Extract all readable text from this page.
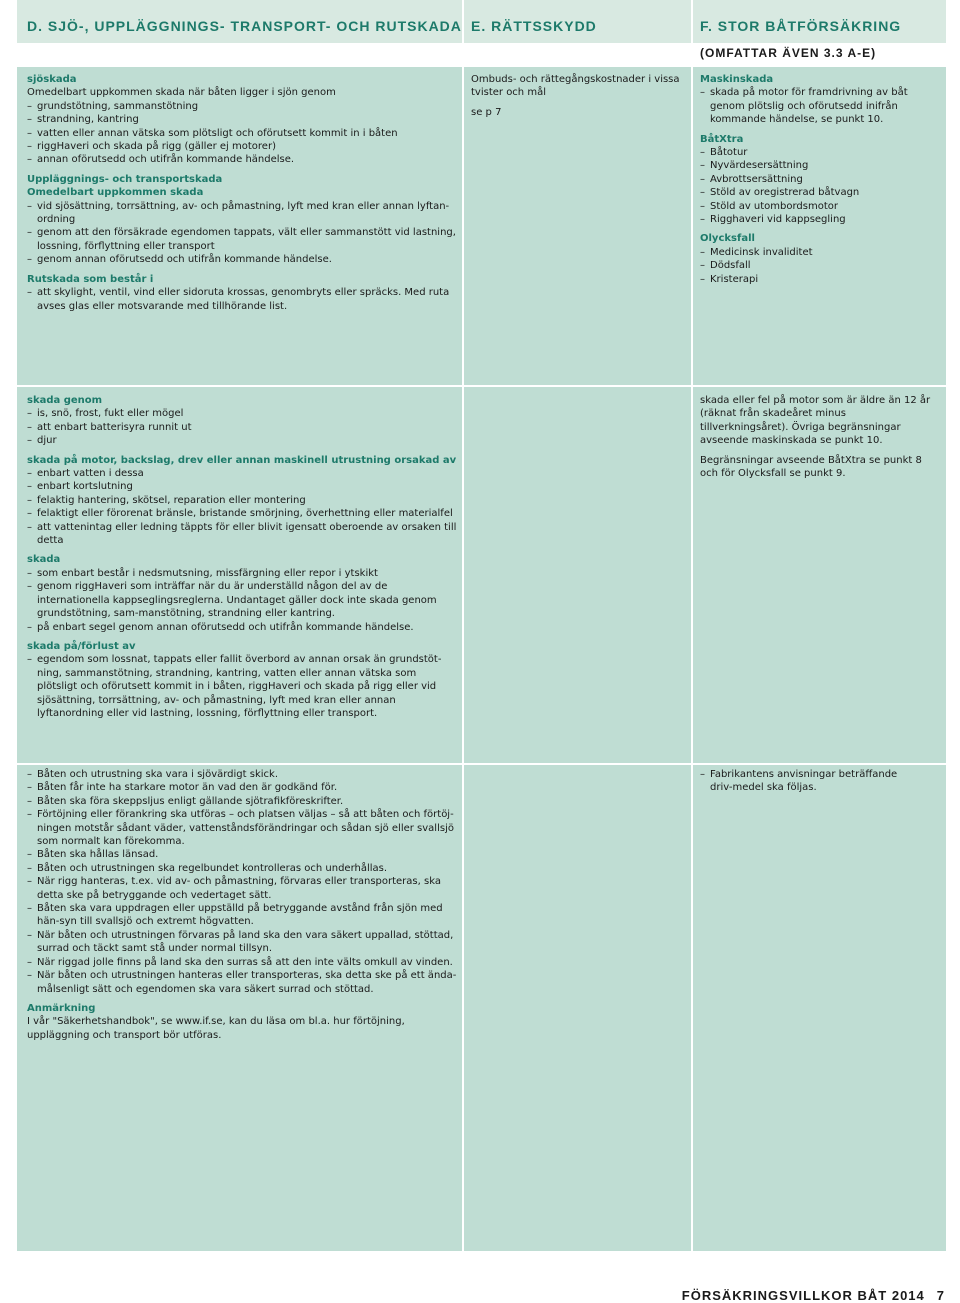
D. SJÖ-, UPPLÄGGNINGS- TRANSPORT- OCH RUTSKADA E. RÄTTSSKYDD	F. STOR BÅTFÖRSÄKRING
(OMFATTAR ÄVEN 3.3 A-E)

sjöskada

Omedelbart uppkommen skada när båten ligger i sjön genom

– grundstötning, sammanstötning
– strandning, kantring
– vatten eller annan vätska som plötsligt och oförutsett kommit in i båten
– riggHaveri och skada på rigg (gäller ej motorer)
– annan oförutsedd och utifrån kommande händelse.

Uppläggnings- och transportskada

Omedelbart uppkommen skada

– vid sjösättning, torrsättning, av- och påmastning, lyft med kran eller annan lyftan-ordning
– genom att den försäkrade egendomen tappats, vält eller sammanstött vid lastning, lossning, förflyttning eller transport
– genom annan oförutsedd och utifrån kommande händelse.

Rutskada som består i

– att skylight, ventil, vind eller sidoruta krossas, genombryts eller spräcks. Med ruta avses glas eller motsvarande med tillhörande list.

Ombuds- och rättegångskostnader i vissa tvister och mål

se p 7

Maskinskada

– skada på motor för framdrivning av båt genom plötslig och oförutsedd inifrån kommande händelse, se punkt 10.

BåtXtra

– Båtotur
– Nyvärdesersättning
– Avbrottsersättning
– Stöld av oregistrerad båtvagn
– Stöld av utombordsmotor
– Rigghaveri vid kappsegling

Olycksfall

– Medicinsk invaliditet
– Dödsfall
– Kristerapi

skada genom

– is, snö, frost, fukt eller mögel
– att enbart batterisyra runnit ut
– djur

skada på motor, backslag, drev eller annan maskinell utrustning orsakad av

– enbart vatten i dessa
– enbart kortslutning
– felaktig hantering, skötsel, reparation eller montering
– felaktigt eller förorenat bränsle, bristande smörjning, överhettning eller materialfel
– att vattenintag eller ledning täppts för eller blivit igensatt oberoende av orsaken till detta

skada

– som enbart består i nedsmutsning, missfärgning eller repor i ytskikt
– genom riggHaveri som inträffar när du är underställd någon del av de internationella kappseglingsreglerna. Undantaget gäller dock inte skada genom grundstötning, sam-manstötning, strandning eller kantring.
– på enbart segel genom annan oförutsedd och utifrån kommande händelse.

skada på/förlust av

– egendom som lossnat, tappats eller fallit överbord av annan orsak än grundstöt-ning, sammanstötning, strandning, kantring, vatten eller annan vätska som plötsligt och oförutsett kommit in i båten, riggHaveri och skada på rigg eller vid sjösättning, torrsättning, av- och påmastning, lyft med kran eller annan lyftanordning eller vid lastning, lossning, förflyttning eller transport.

skada eller fel på motor som är äldre än 12 år (räknat från skadeåret minus tillverkningsåret). Övriga begränsningar avseende maskinskada se punkt 10.

Begränsningar avseende BåtXtra se punkt 8 och för Olycksfall se punkt 9.

– Båten och utrustning ska vara i sjövärdigt skick.
– Båten får inte ha starkare motor än vad den är godkänd för.
– Båten ska föra skeppsljus enligt gällande sjötrafikföreskrifter.
– Förtöjning eller förankring ska utföras – och platsen väljas – så att båten och förtöj-ningen motstår sådant väder, vattenståndsförändringar och sådan sjö eller svallsjö som normalt kan förekomma.
– Båten ska hållas länsad.
– Båten och utrustningen ska regelbundet kontrolleras och underhållas.
– När rigg hanteras, t.ex. vid av- och påmastning, förvaras eller transporteras, ska detta ske på betryggande och vedertaget sätt.
– Båten ska vara uppdragen eller uppställd på betryggande avstånd från sjön med hän-syn till svallsjö och extremt högvatten.
– När båten och utrustningen förvaras på land ska den vara säkert uppallad, stöttad, surrad och täckt samt stå under normal tillsyn.
– När riggad jolle finns på land ska den surras så att den inte välts omkull av vinden.
– När båten och utrustningen hanteras eller transporteras, ska detta ske på ett ända-målsenligt sätt och egendomen ska vara säkert surrad och stöttad.

Anmärkning

I vår "Säkerhetshandbok", se www.if.se, kan du läsa om bl.a. hur förtöjning, uppläggning och transport bör utföras.

– Fabrikantens anvisningar beträffande driv-medel ska följas.
FÖRSÄKRINGSVILLKOR BÅT 2014 7
